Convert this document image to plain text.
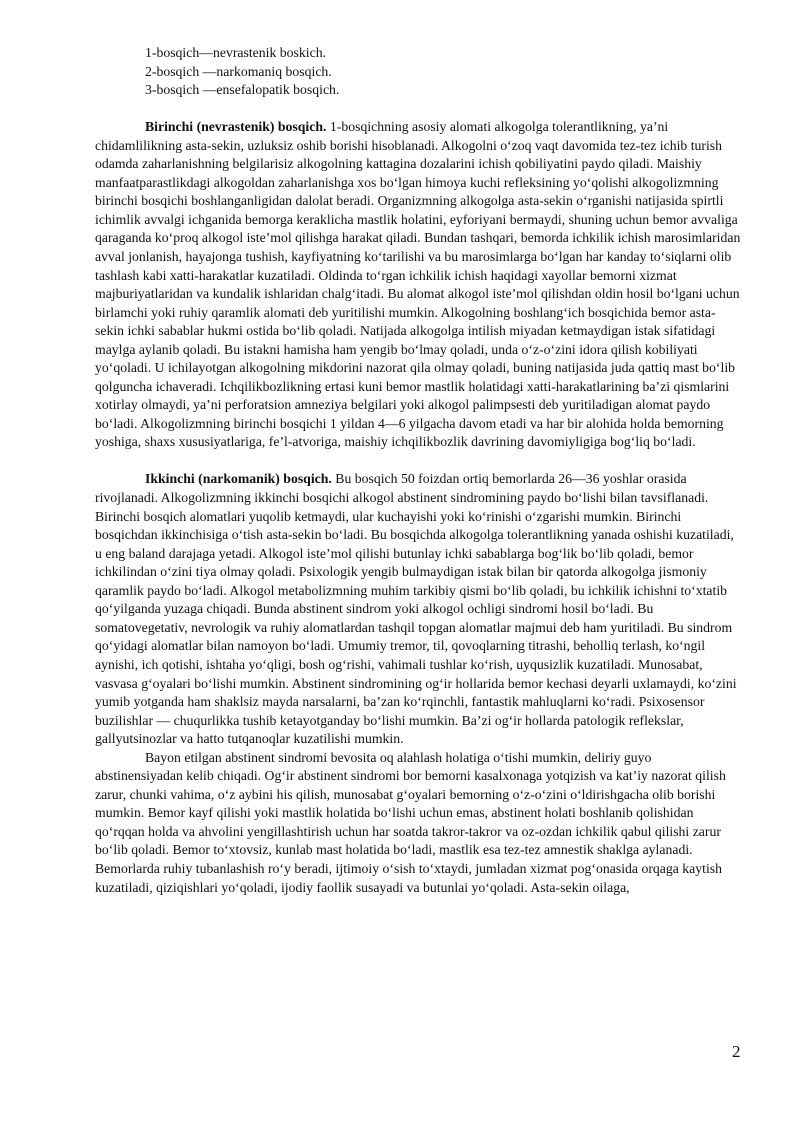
1-bosqich—nevrastenik boskich.
2-bosqich —narkomaniq bosqich.
3-bosqich —ensefalopatik bosqich.

Birinchi (nevrastenik) bosqich. 1-bosqichning asosiy alomati alkogolga tolerantlikning, ya’ni chidamlilikning asta-sekin, uzluksiz oshib borishi hisoblanadi. Alkogolni o‘zoq vaqt davomida tez-tez ichib turish odamda zaharlanishning belgilarisiz alkogolning kattagina dozalarini ichish qobiliyatini paydo qiladi. Maishiy manfaatparastlikdagi alkogoldan zaharlanishga xos bo‘lgan himoya kuchi refleksining yo‘qolishi alkogolizmning birinchi bosqichi boshlanganligidan dalolat beradi. Organizmning alkogolga asta-sekin o‘rganishi natijasida spirtli ichimlik avvalgi ichganida bemorga keraklicha mastlik holatini, eyforiyani bermaydi, shuning uchun bemor avvaliga qaraganda ko‘proq alkogol iste’mol qilishga harakat qiladi. Bundan tashqari, bemorda ichkilik ichish marosimlaridan avval jonlanish, hayajonga tushish, kayfiyatning ko‘tarilishi va bu marosimlarga bo‘lgan har kanday to‘siqlarni olib tashlash kabi xatti-harakatlar kuzatiladi. Oldinda to‘rgan ichkilik ichish haqidagi xayollar bemorni xizmat majburiyatlaridan va kundalik ishlaridan chalg‘itadi. Bu alomat alkogol iste’mol qilishdan oldin hosil bo‘lgani uchun birlamchi yoki ruhiy qaramlik alomati deb yuritilishi mumkin. Alkogolning boshlang‘ich bosqichida bemor asta-sekin ichki sabablar hukmi ostida bo‘lib qoladi. Natijada alkogolga intilish miyadan ketmaydigan istak sifatidagi maylga aylanib qoladi. Bu istakni hamisha ham yengib bo‘lmay qoladi, unda o‘z-o‘zini idora qilish kobiliyati yo‘qoladi. U ichilayotgan alkogolning mikdorini nazorat qila olmay qoladi, buning natijasida juda qattiq mast bo‘lib qolguncha ichaveradi. Ichqilikbozlikning ertasi kuni bemor mastlik holatidagi xatti-harakatlarining ba’zi qismlarini xotirlay olmaydi, ya’ni perforatsion amneziya belgilari yoki alkogol palimpsesti deb yuritiladigan alomat paydo bo‘ladi. Alkogolizmning birinchi bosqichi 1 yildan 4—6 yilgacha davom etadi va har bir alohida holda bemorning yoshiga, shaxs xususiyatlariga, fe’l-atvoriga, maishiy ichqilikbozlik davrining davomiyligiga bog‘liq bo‘ladi.

Ikkinchi (narkomanik) bosqich. Bu bosqich 50 foizdan ortiq bemorlarda 26—36 yoshlar orasida rivojlanadi. Alkogolizmning ikkinchi bosqichi alkogol abstinent sindromining paydo bo‘lishi bilan tavsiflanadi. Birinchi bosqich alomatlari yuqolib ketmaydi, ular kuchayishi yoki ko‘rinishi o‘zgarishi mumkin. Birinchi bosqichdan ikkinchisiga o‘tish asta-sekin bo‘ladi. Bu bosqichda alkogolga tolerantlikning yanada oshishi kuzatiladi, u eng baland darajaga yetadi. Alkogol iste’mol qilishi butunlay ichki sabablarga bog‘lik bo‘lib qoladi, bemor ichkilindan o‘zini tiya olmay qoladi. Psixologik yengib bulmaydigan istak bilan bir qatorda alkogolga jismoniy qaramlik paydo bo‘ladi. Alkogol metabolizmning muhim tarkibiy qismi bo‘lib qoladi, bu ichkilik ichishni to‘xtatib qo‘yilganda yuzaga chiqadi. Bunda abstinent sindrom yoki alkogol ochligi sindromi hosil bo‘ladi. Bu somatovegetativ, nevrologik va ruhiy alomatlardan tashqil topgan alomatlar majmui deb ham yuritiladi. Bu sindrom qo‘yidagi alomatlar bilan namoyon bo‘ladi. Umumiy tremor, til, qovoqlarning titrashi, beholliq terlash, ko‘ngil aynishi, ich qotishi, ishtaha yo‘qligi, bosh og‘rishi, vahimali tushlar ko‘rish, uyqusizlik kuzatiladi. Munosabat, vasvasa g‘oyalari bo‘lishi mumkin. Abstinent sindromining og‘ir hollarida bemor kechasi deyarli uxlamaydi, ko‘zini yumib yotganda ham shaklsiz mayda narsalarni, ba’zan ko‘rqinchli, fantastik mahluqlarni ko‘radi. Psixosensor buzilishlar — chuqurlikka tushib ketayotganday bo‘lishi mumkin. Ba’zi og‘ir hollarda patologik reflekslar, gallyutsinozlar va hatto tutqanoqlar kuzatilishi mumkin.

Bayon etilgan abstinent sindromi bevosita oq alahlash holatiga o‘tishi mumkin, deliriy guyo abstinensiyadan kelib chiqadi. Og‘ir abstinent sindromi bor bemorni kasalxonaga yotqizish va kat’iy nazorat qilish zarur, chunki vahima, o‘z aybini his qilish, munosabat g‘oyalari bemorning o‘z-o‘zini o‘ldirishgacha olib borishi mumkin. Bemor kayf qilishi yoki mastlik holatida bo‘lishi uchun emas, abstinent holati boshlanib qolishidan qo‘rqqan holda va ahvolini yengillashtirish uchun har soatda takror-takror va oz-ozdan ichkilik qabul qilishi zarur bo‘lib qoladi. Bemor to‘xtovsiz, kunlab mast holatida bo‘ladi, mastlik esa tez-tez amnestik shaklga aylanadi. Bemorlarda ruhiy tubanlashish ro‘y beradi, ijtimoiy o‘sish to‘xtaydi, jumladan xizmat pog‘onasida orqaga kaytish kuzatiladi, qiziqishlari yo‘qoladi, ijodiy faollik susayadi va butunlai yo‘qoladi. Asta-sekin oilaga,

2
